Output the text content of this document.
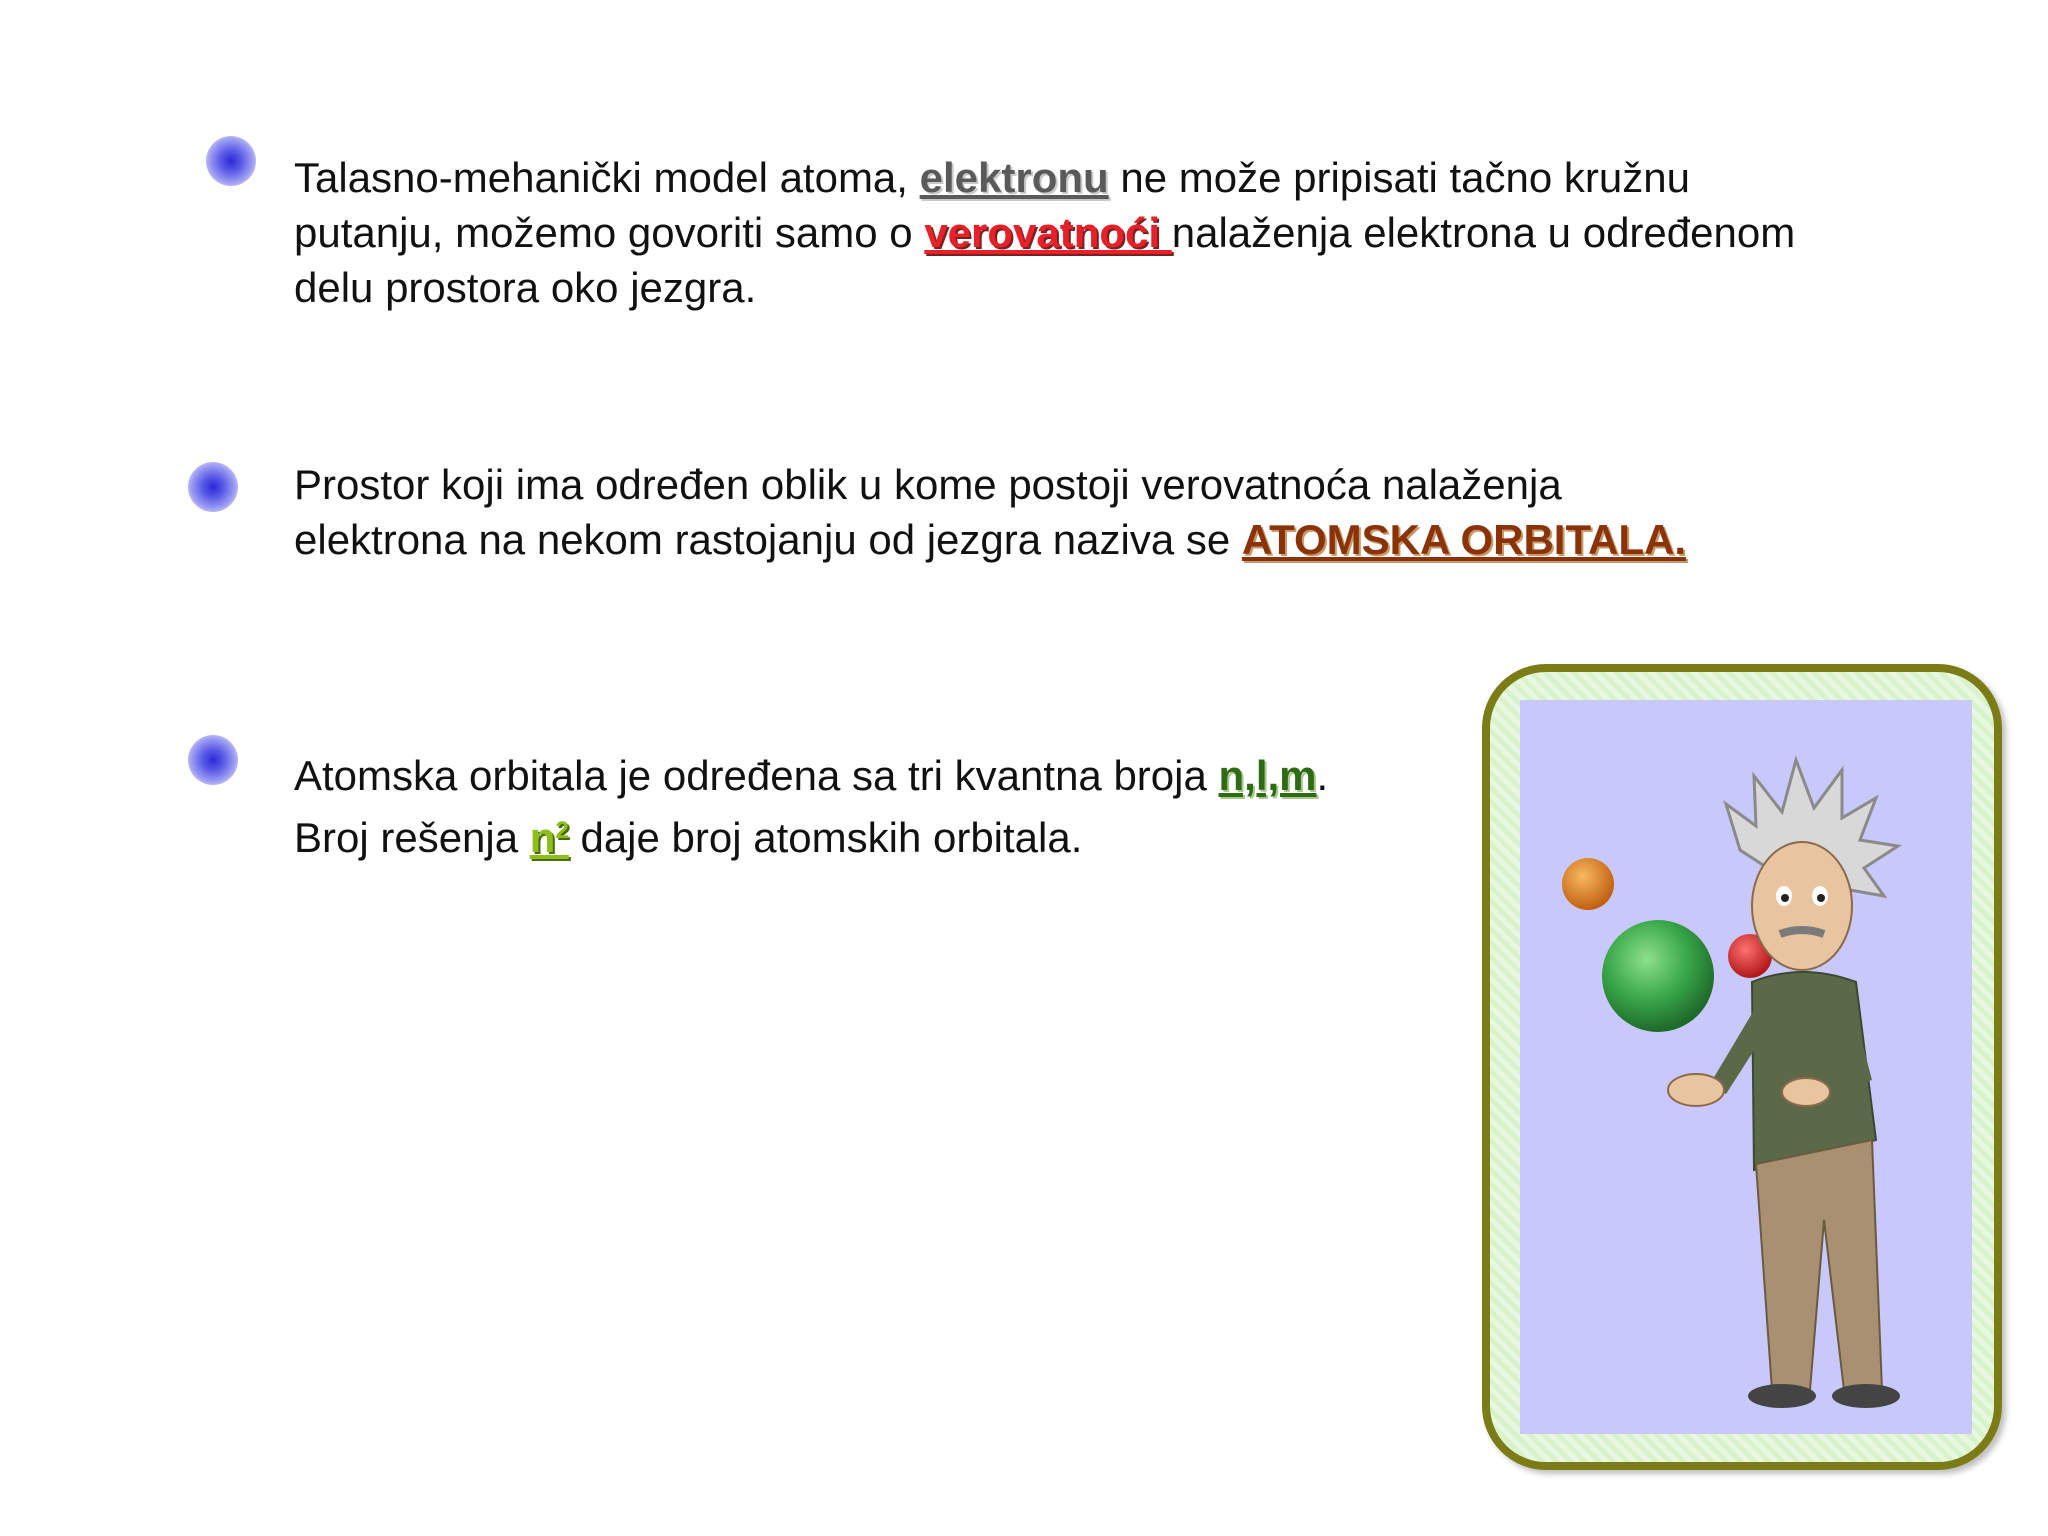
Talasno-mehanički model atoma, elektronu ne može pripisati tačno kružnu putanju, možemo govoriti samo o verovatnoći nalaženja elektrona u određenom delu prostora oko jezgra.

Prostor koji ima određen oblik u kome postoji verovatnoća nalaženja elektrona na nekom rastojanju od jezgra naziva se ATOMSKA ORBITALA.

Atomska orbitala je određena sa tri kvantna broja n,l,m.
Broj rešenja $n^2$ daje broj atomskih orbitala.
